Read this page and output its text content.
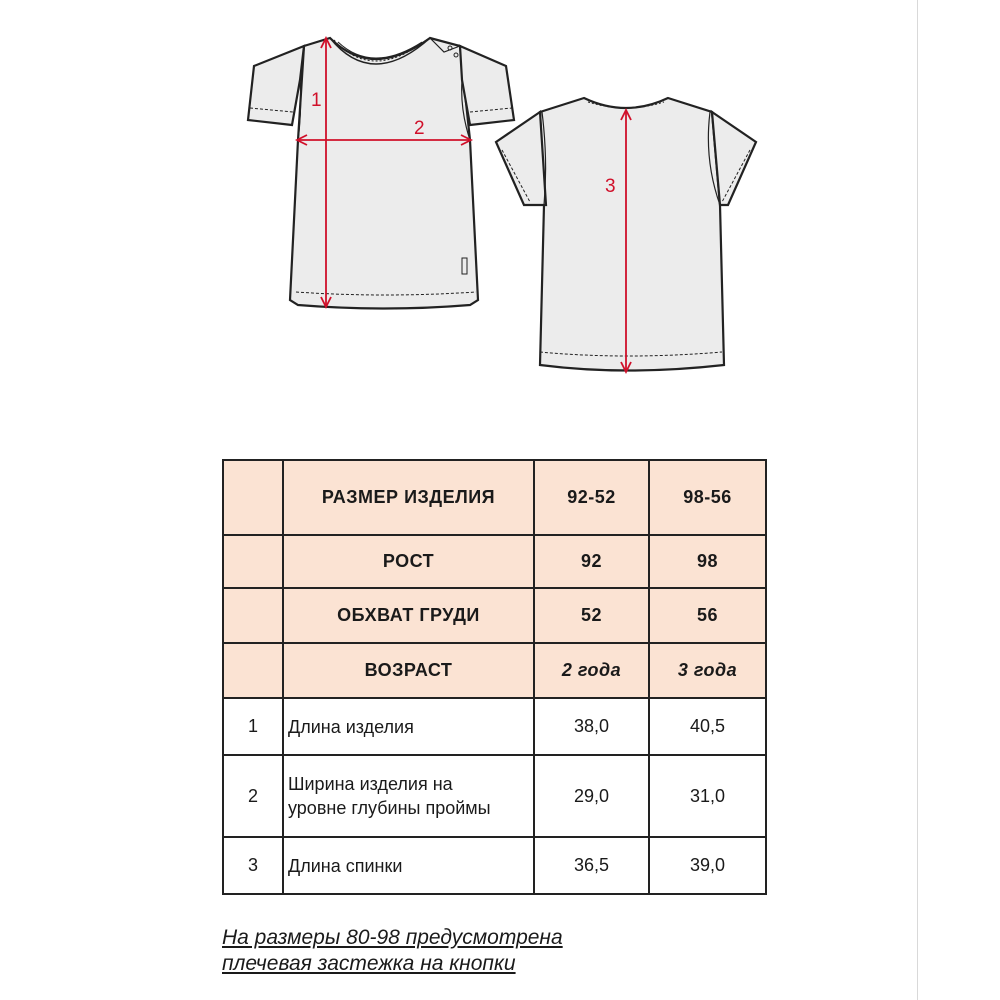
1
2
3
	РАЗМЕР ИЗДЕЛИЯ	92-52	98-56
	РОСТ	92	98
	ОБХВАТ ГРУДИ	52	56
	ВОЗРАСТ	2 года	3 года
1	Длина изделия	38,0	40,5
2	Ширина изделия на
уровне глубины проймы	29,0	31,0
3	Длина спинки	36,5	39,0
На размеры 80-98 предусмотрена
плечевая застежка на кнопки
